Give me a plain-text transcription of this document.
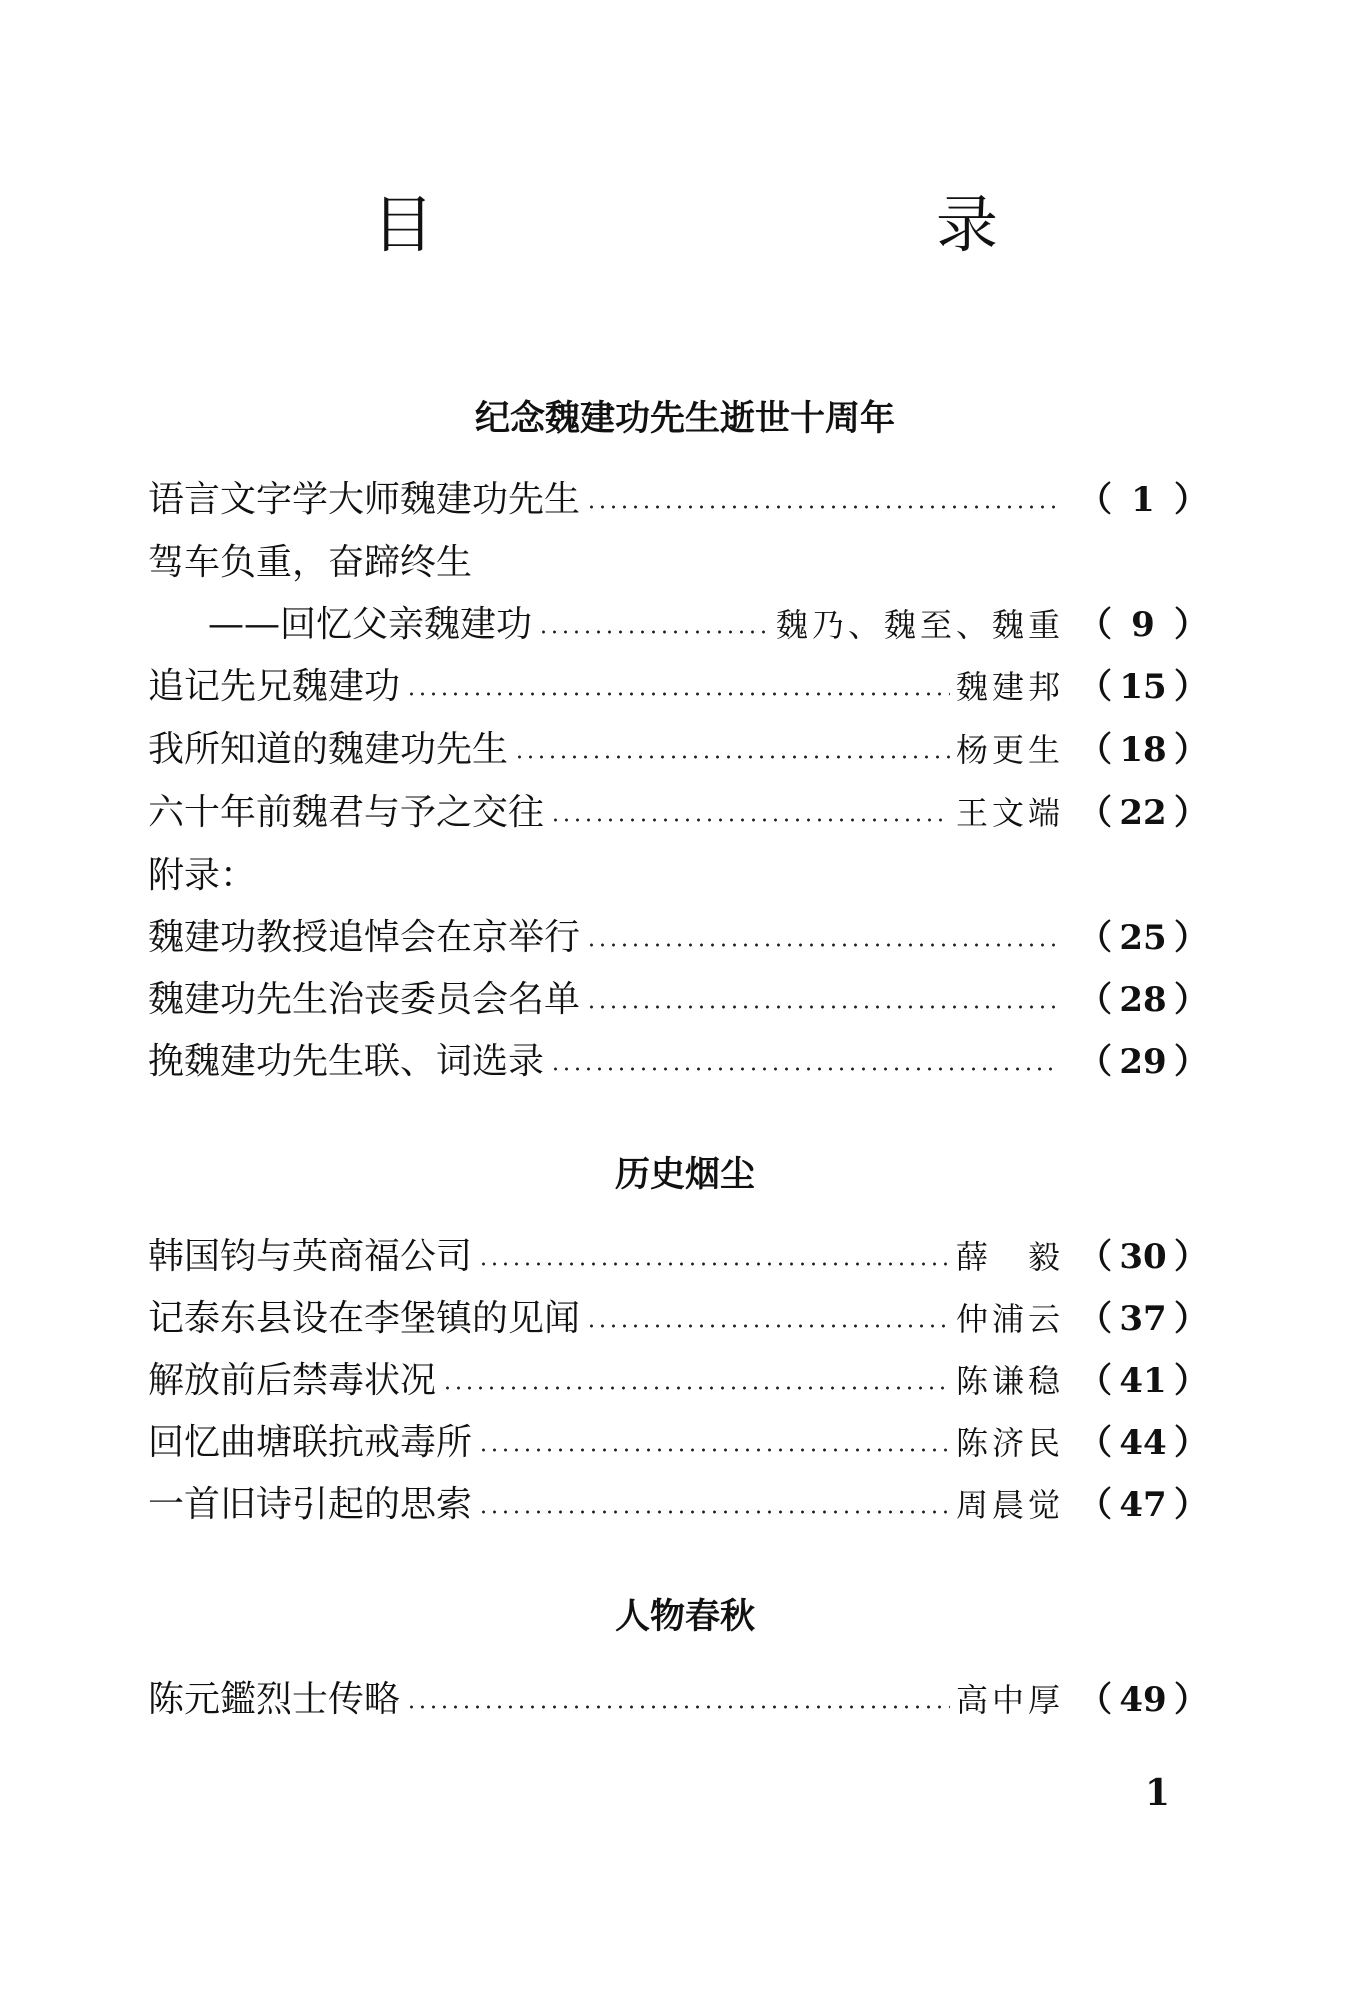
目　录
纪念魏建功先生逝世十周年
语言文字学大师魏建功先生	（ 1 ）
驾车负重，奋蹄终生
——回忆父亲魏建功	魏乃、魏至、魏重 （ 9 ）
追记先兄魏建功	魏建邦 （ 15 ）
我所知道的魏建功先生	杨更生 （ 18 ）
六十年前魏君与予之交往	王文端 （ 22 ）
附录：
魏建功教授追悼会在京举行	（ 25 ）
魏建功先生治丧委员会名单	（ 28 ）
挽魏建功先生联、词选录	（ 29 ）
历史烟尘
韩国钧与英商福公司	薛　毅 （ 30 ）
记泰东县设在李堡镇的见闻	仲浦云 （ 37 ）
解放前后禁毒状况	陈谦稳 （ 41 ）
回忆曲塘联抗戒毒所	陈济民 （ 44 ）
一首旧诗引起的思索	周晨觉 （ 47 ）
人物春秋
陈元鑑烈士传略	高中厚 （ 49 ）
1
